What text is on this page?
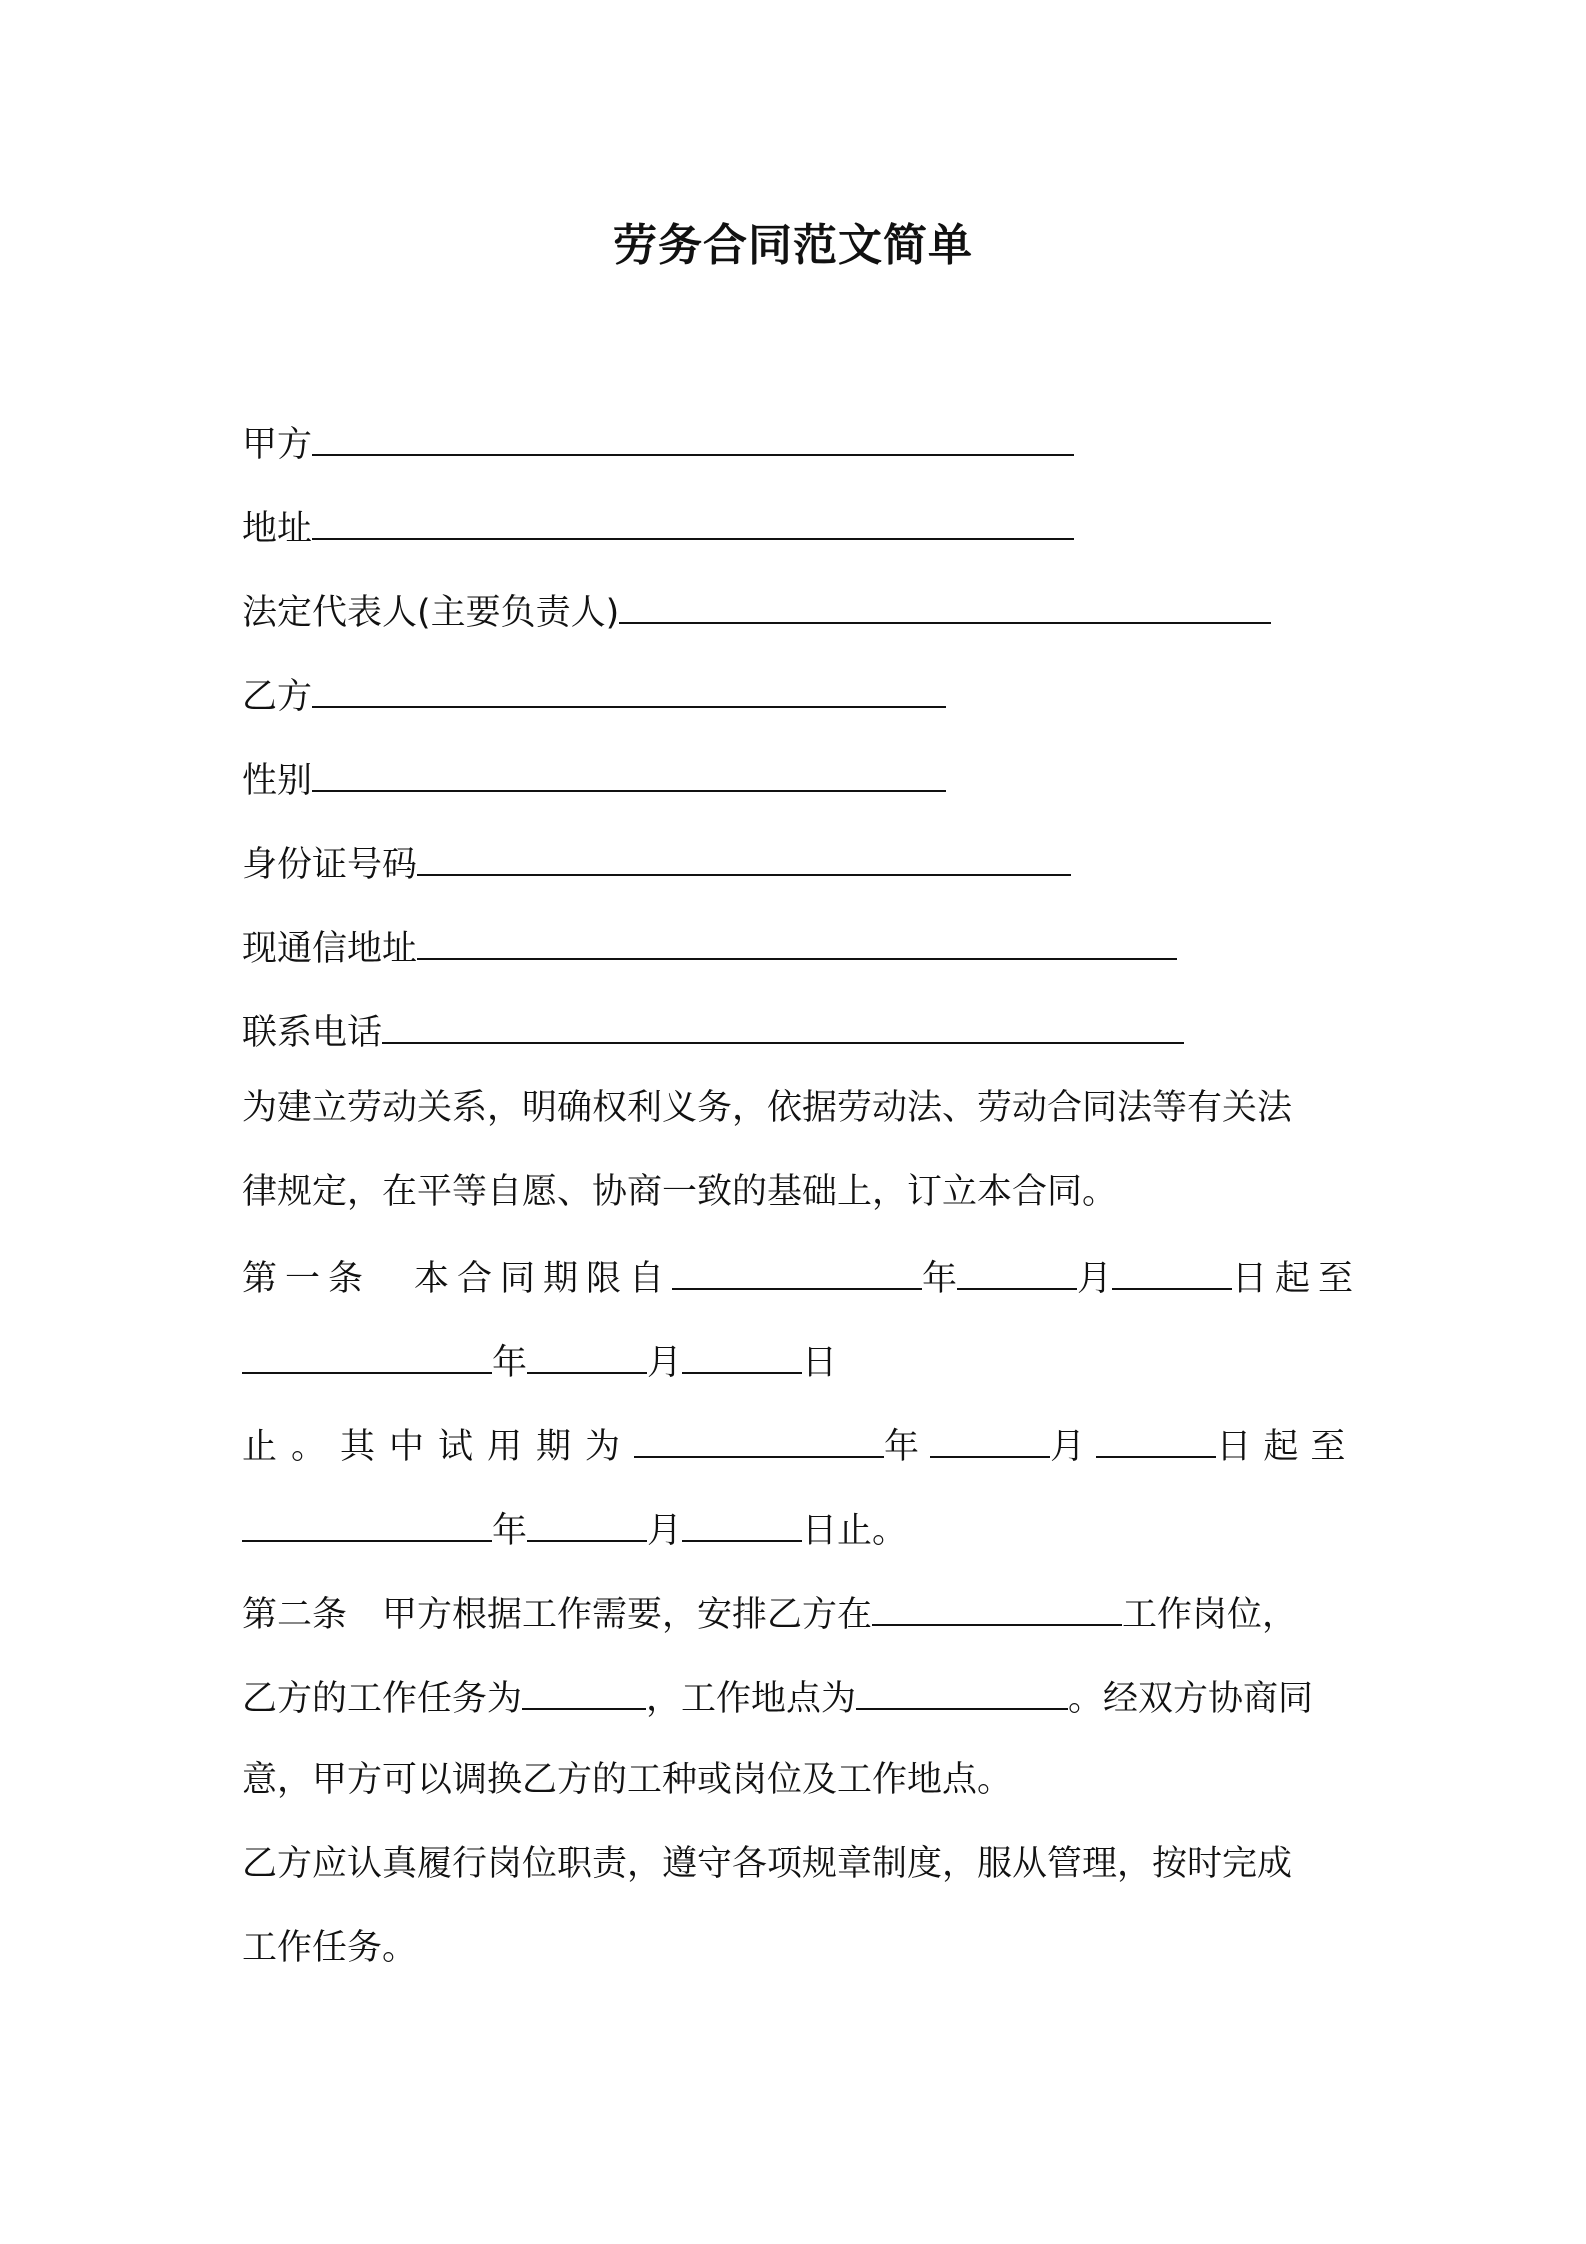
劳务合同范文简单
甲方
地址
法定代表人(主要负责人)
乙方
性别
身份证号码
现通信地址
联系电话
为建立劳动关系，明确权利义务，依据劳动法、劳动合同法等有关法
律规定，在平等自愿、协商一致的基础上，订立本合同。
第一条　本合同期限自	年	月	日起至
年	月	日
止。其中试用期为	年	月	日起至
年	月	日止。
第二条　甲方根据工作需要，安排乙方在	工作岗位，
乙方的工作任务为	，工作地点为	。经双方协商同
意，甲方可以调换乙方的工种或岗位及工作地点。
乙方应认真履行岗位职责，遵守各项规章制度，服从管理，按时完成
工作任务。
